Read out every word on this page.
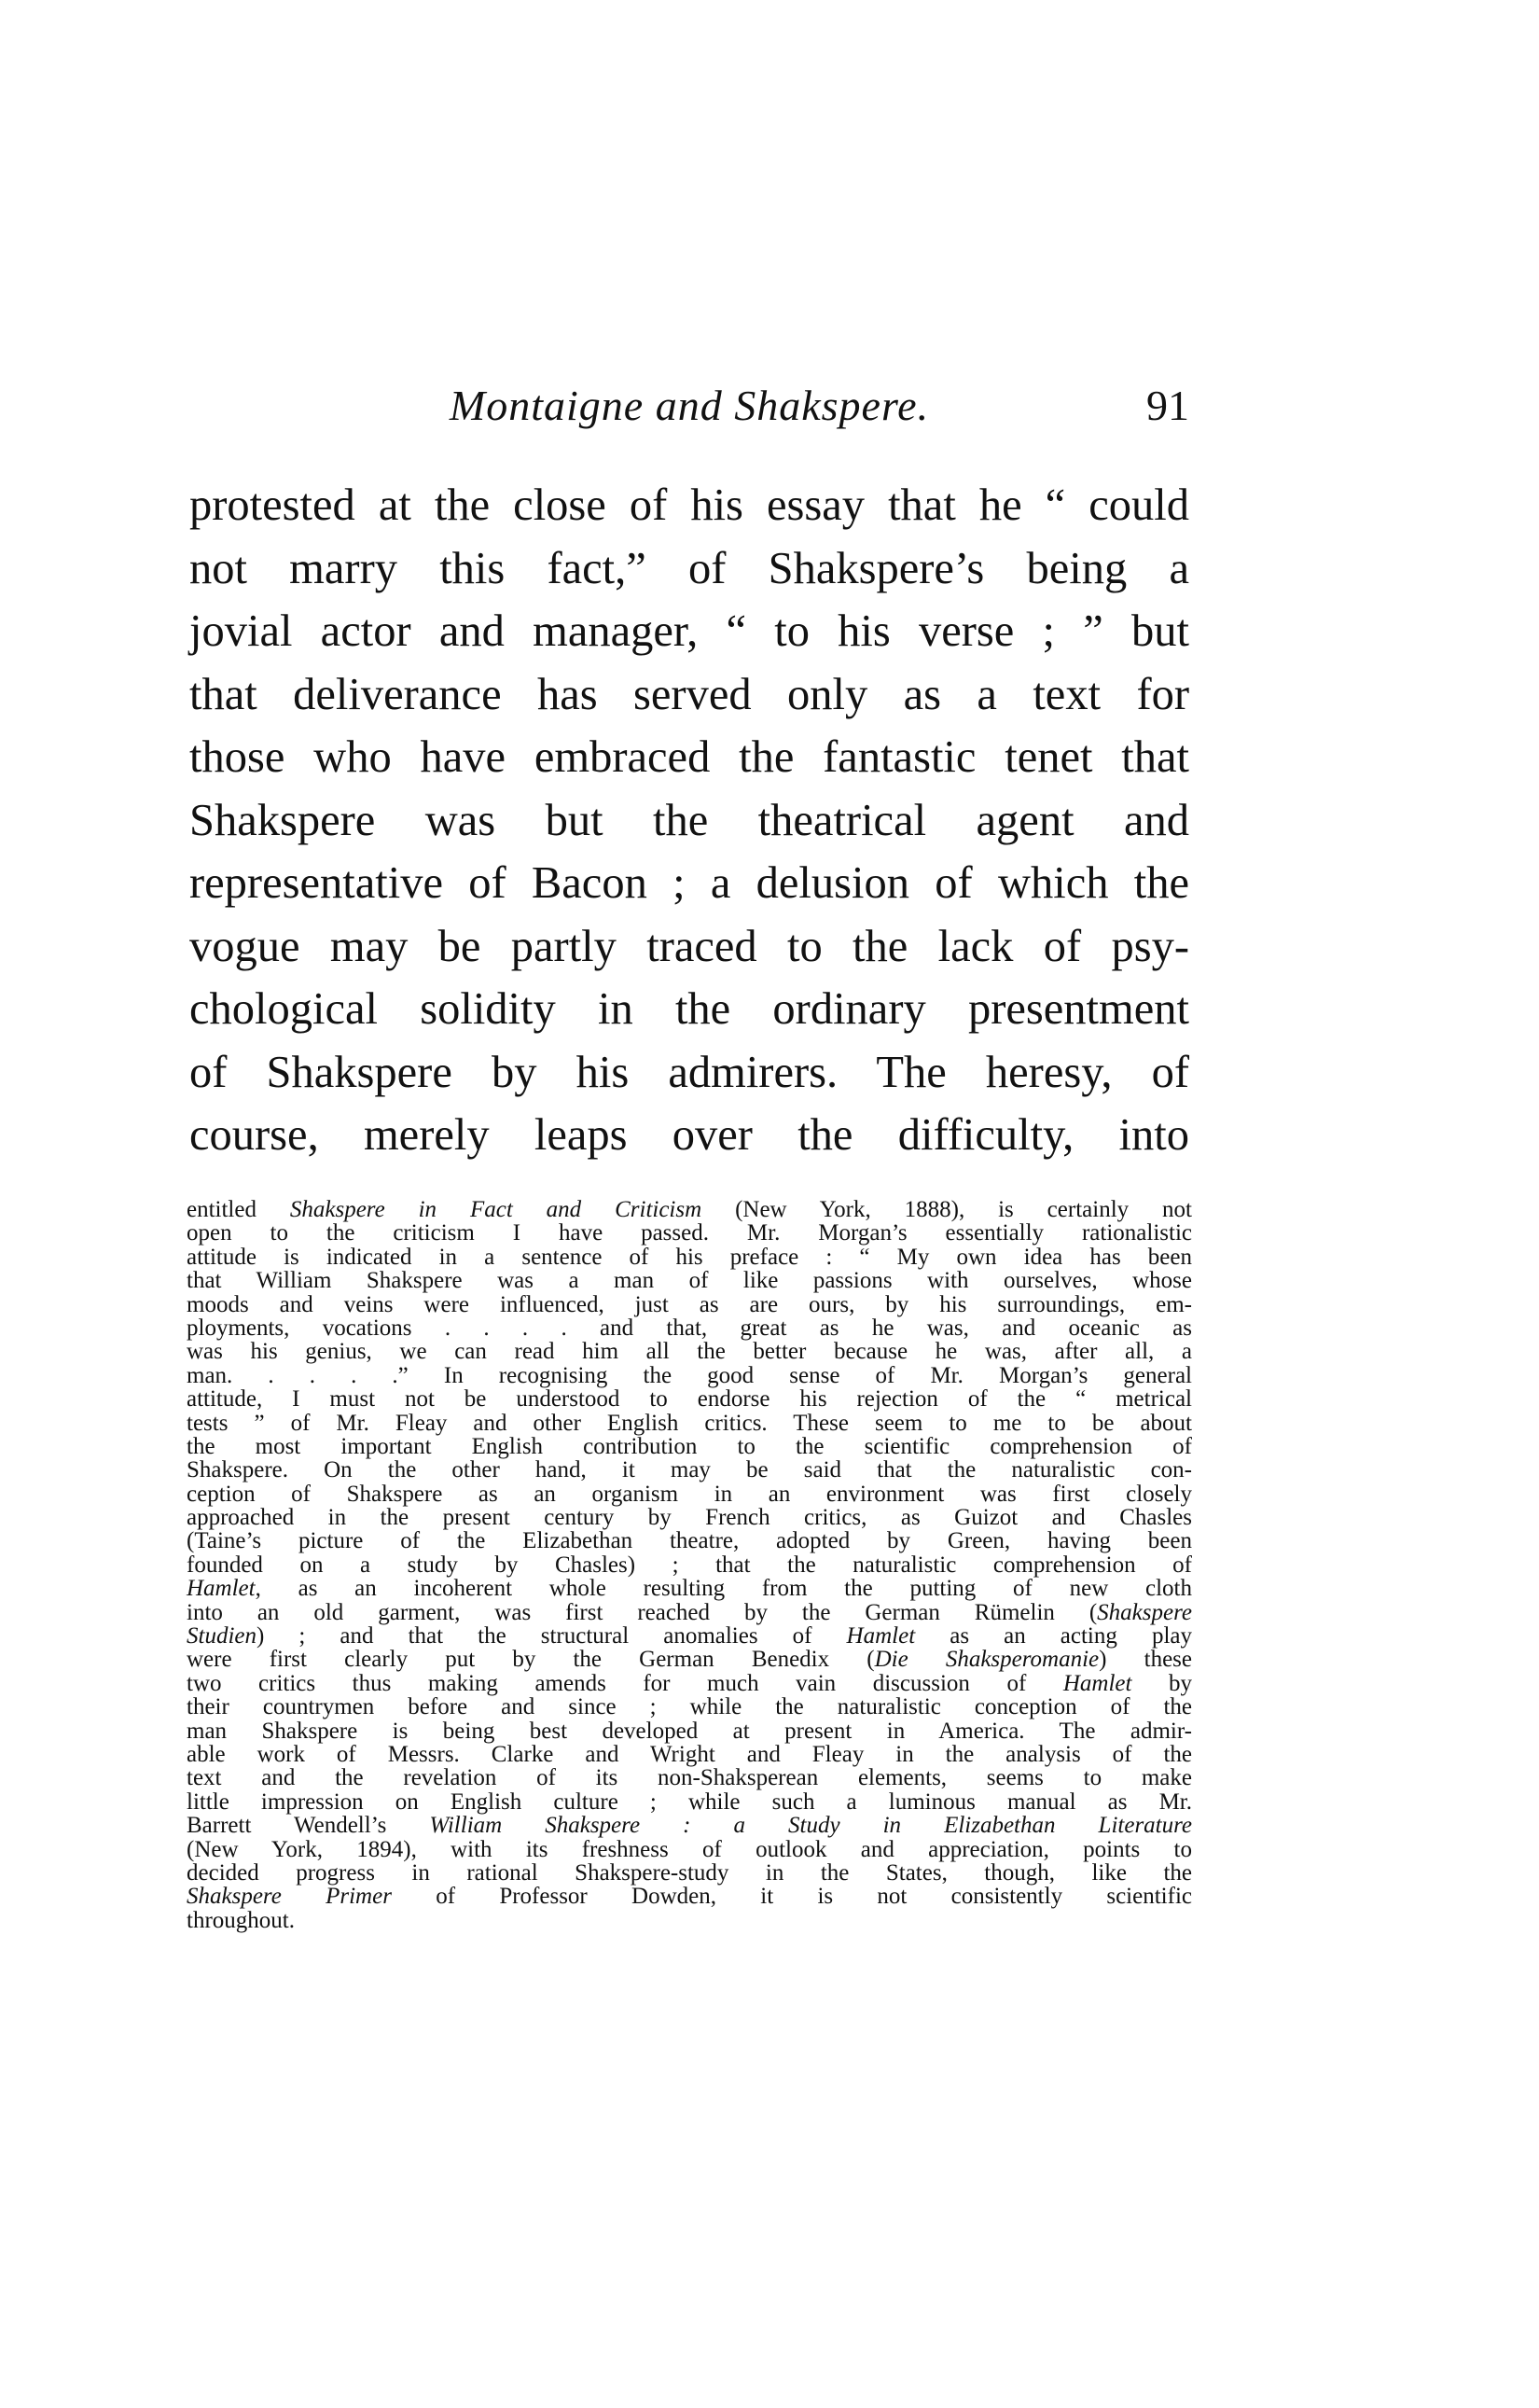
Montaigne and Shakspere.	91
protested at the close of his essay that he “ could
not marry this fact,” of Shakspere’s being a
jovial actor and manager, “ to his verse ; ” but
that deliverance has served only as a text for
those who have embraced the fantastic tenet that
Shakspere was but the theatrical agent and
representative of Bacon ; a delusion of which the
vogue may be partly traced to the lack of psy-
chological solidity in the ordinary presentment
of Shakspere by his admirers. The heresy, of
course, merely leaps over the difficulty, into
entitled Shakspere in Fact and Criticism (New York, 1888), is certainly not
open to the criticism I have passed. Mr. Morgan’s essentially rationalistic
attitude is indicated in a sentence of his preface : “ My own idea has been
that William Shakspere was a man of like passions with ourselves, whose
moods and veins were influenced, just as are ours, by his surroundings, em-
ployments, vocations . . . . and that, great as he was, and oceanic as
was his genius, we can read him all the better because he was, after all, a
man. . . . .” In recognising the good sense of Mr. Morgan’s general
attitude, I must not be understood to endorse his rejection of the “ metrical
tests ” of Mr. Fleay and other English critics. These seem to me to be about
the most important English contribution to the scientific comprehension of
Shakspere. On the other hand, it may be said that the naturalistic con-
ception of Shakspere as an organism in an environment was first closely
approached in the present century by French critics, as Guizot and Chasles
(Taine’s picture of the Elizabethan theatre, adopted by Green, having been
founded on a study by Chasles) ; that the naturalistic comprehension of
Hamlet, as an incoherent whole resulting from the putting of new cloth
into an old garment, was first reached by the German Rümelin (Shakspere
Studien) ; and that the structural anomalies of Hamlet as an acting play
were first clearly put by the German Benedix (Die Shaksperomanie) these
two critics thus making amends for much vain discussion of Hamlet by
their countrymen before and since ; while the naturalistic conception of the
man Shakspere is being best developed at present in America. The admir-
able work of Messrs. Clarke and Wright and Fleay in the analysis of the
text and the revelation of its non-Shaksperean elements, seems to make
little impression on English culture ; while such a luminous manual as Mr.
Barrett Wendell’s William Shakspere : a Study in Elizabethan Literature
(New York, 1894), with its freshness of outlook and appreciation, points to
decided progress in rational Shakspere-study in the States, though, like the
Shakspere Primer of Professor Dowden, it is not consistently scientific
throughout.
